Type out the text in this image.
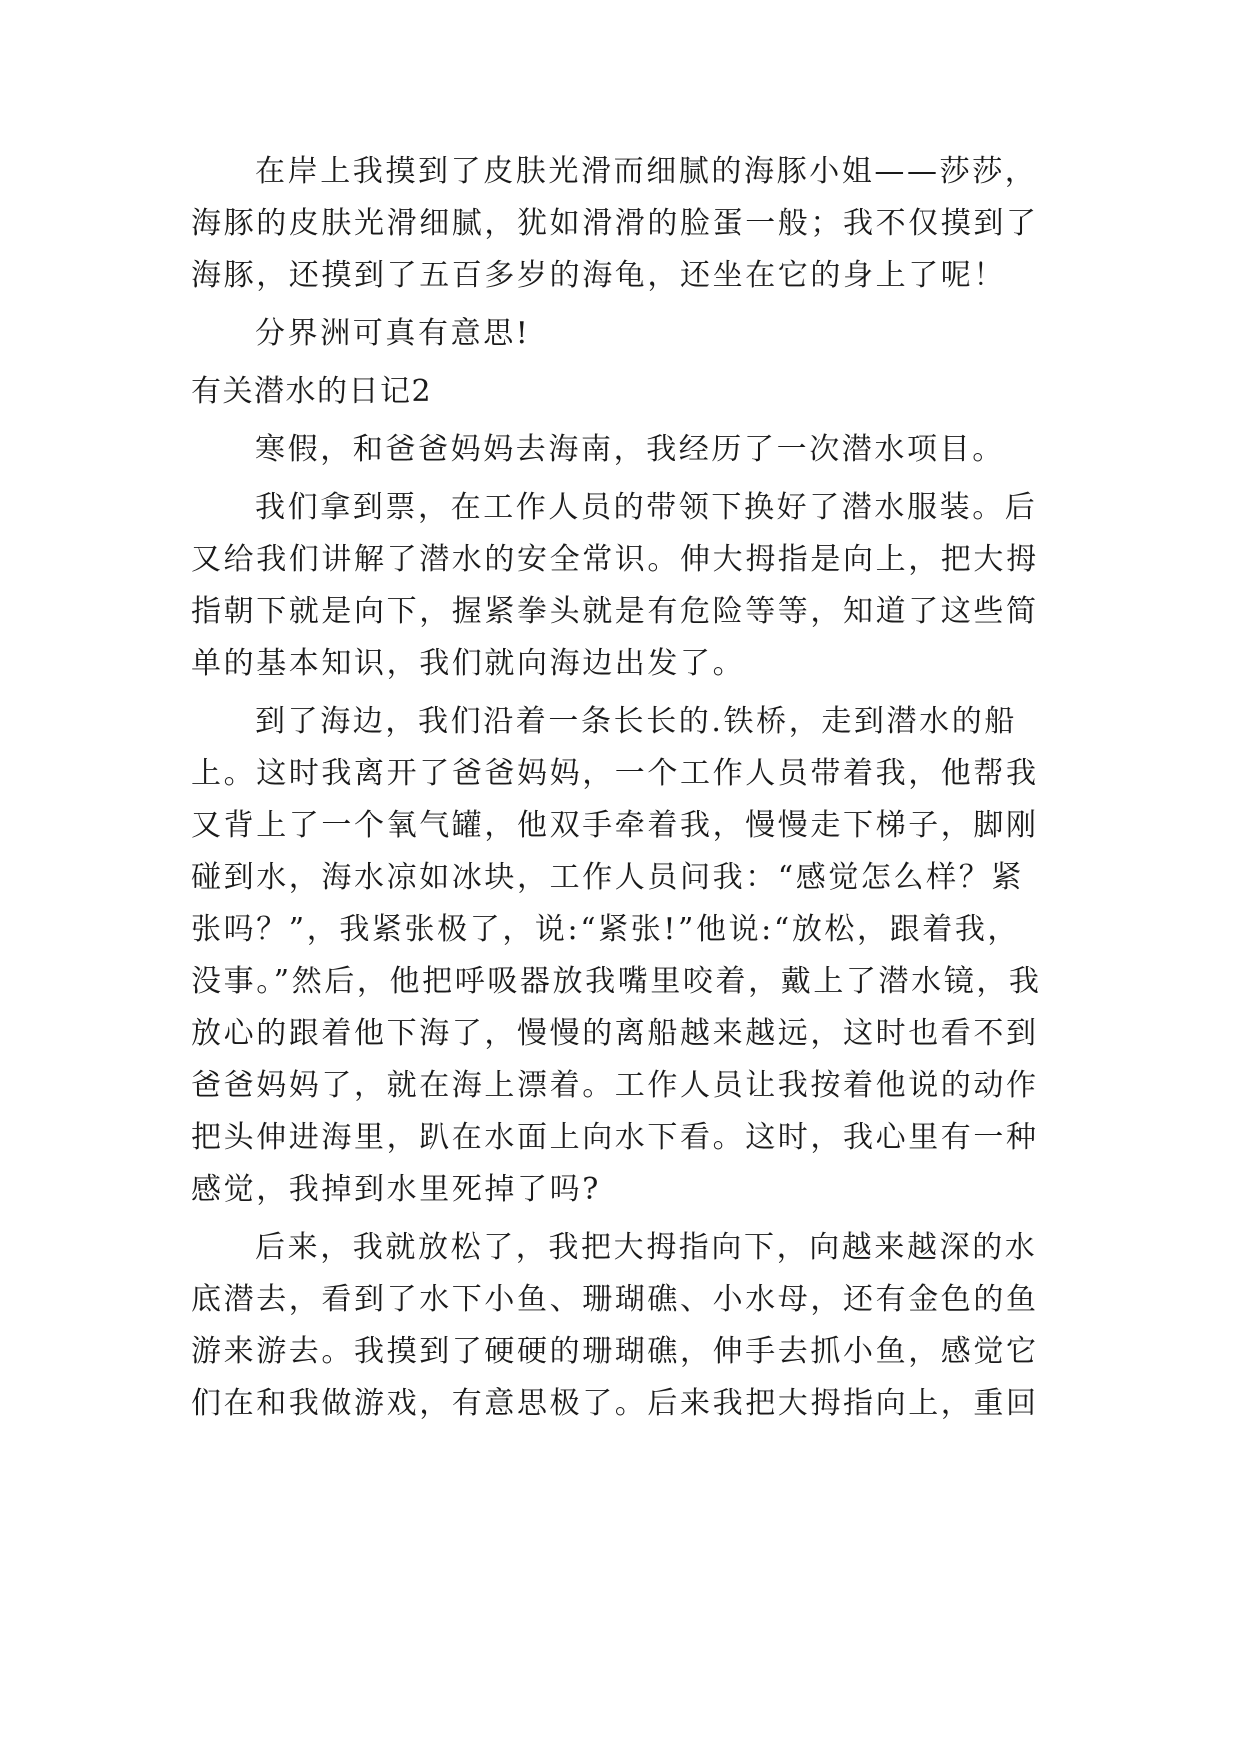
在岸上我摸到了皮肤光滑而细腻的海豚小姐——莎莎，海豚的皮肤光滑细腻，犹如滑滑的脸蛋一般；我不仅摸到了海豚，还摸到了五百多岁的海龟，还坐在它的身上了呢！

分界洲可真有意思!

有关潜水的日记2

寒假，和爸爸妈妈去海南，我经历了一次潜水项目。

我们拿到票，在工作人员的带领下换好了潜水服装。后又给我们讲解了潜水的安全常识。伸大拇指是向上，把大拇指朝下就是向下，握紧拳头就是有危险等等，知道了这些简单的基本知识，我们就向海边出发了。

到了海边，我们沿着一条长长的.铁桥，走到潜水的船上。这时我离开了爸爸妈妈，一个工作人员带着我，他帮我又背上了一个氧气罐，他双手牵着我，慢慢走下梯子，脚刚碰到水，海水凉如冰块，工作人员问我：“感觉怎么样？紧张吗？”，我紧张极了，说:“紧张!”他说:“放松，跟着我，没事。”然后，他把呼吸器放我嘴里咬着，戴上了潜水镜，我放心的跟着他下海了，慢慢的离船越来越远，这时也看不到爸爸妈妈了，就在海上漂着。工作人员让我按着他说的动作把头伸进海里，趴在水面上向水下看。这时，我心里有一种感觉，我掉到水里死掉了吗?

后来，我就放松了，我把大拇指向下，向越来越深的水底潜去，看到了水下小鱼、珊瑚礁、小水母，还有金色的鱼游来游去。我摸到了硬硬的珊瑚礁，伸手去抓小鱼，感觉它们在和我做游戏，有意思极了。后来我把大拇指向上，重回
